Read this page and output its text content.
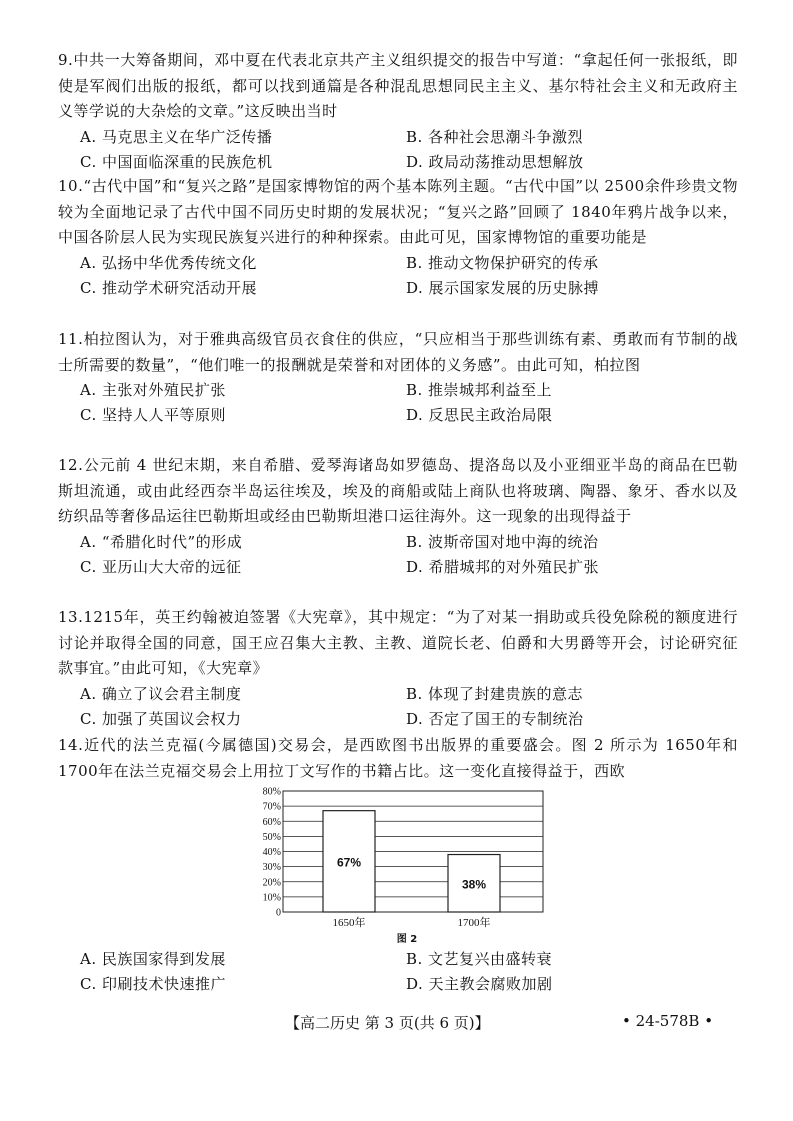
9.中共一大筹备期间，邓中夏在代表北京共产主义组织提交的报告中写道：“拿起任何一张报纸，即使是军阀们出版的报纸，都可以找到通篇是各种混乱思想同民主主义、基尔特社会主义和无政府主义等学说的大杂烩的文章。”这反映出当时

A. 马克思主义在华广泛传播	B. 各种社会思潮斗争激烈
C. 中国面临深重的民族危机	D. 政局动荡推动思想解放

10.“古代中国”和“复兴之路”是国家博物馆的两个基本陈列主题。“古代中国”以 2500余件珍贵文物较为全面地记录了古代中国不同历史时期的发展状况；“复兴之路”回顾了 1840年鸦片战争以来，中国各阶层人民为实现民族复兴进行的种种探索。由此可见，国家博物馆的重要功能是

A. 弘扬中华优秀传统文化	B. 推动文物保护研究的传承
C. 推动学术研究活动开展	D. 展示国家发展的历史脉搏

11.柏拉图认为，对于雅典高级官员衣食住的供应，“只应相当于那些训练有素、勇敢而有节制的战士所需要的数量”，“他们唯一的报酬就是荣誉和对团体的义务感”。由此可知，柏拉图

A. 主张对外殖民扩张	B. 推崇城邦利益至上
C. 坚持人人平等原则	D. 反思民主政治局限

12.公元前 4 世纪末期，来自希腊、爱琴海诸岛如罗德岛、提洛岛以及小亚细亚半岛的商品在巴勒斯坦流通，或由此经西奈半岛运往埃及，埃及的商船或陆上商队也将玻璃、陶器、象牙、香水以及纺织品等奢侈品运往巴勒斯坦或经由巴勒斯坦港口运往海外。这一现象的出现得益于

A. “希腊化时代”的形成	B. 波斯帝国对地中海的统治
C. 亚历山大大帝的远征	D. 希腊城邦的对外殖民扩张

13.1215年，英王约翰被迫签署《大宪章》，其中规定：“为了对某一捐助或兵役免除税的额度进行讨论并取得全国的同意，国王应召集大主教、主教、道院长老、伯爵和大男爵等开会，讨论研究征款事宜。”由此可知，《大宪章》

A. 确立了议会君主制度	B. 体现了封建贵族的意志
C. 加强了英国议会权力	D. 否定了国王的专制统治

14.近代的法兰克福(今属德国)交易会，是西欧图书出版界的重要盛会。图 2 所示为 1650年和 1700年在法兰克福交易会上用拉丁文写作的书籍占比。这一变化直接得益于，西欧

0
10%
20%
30%
40%
50%
60%
70%
80%
67%
1650年
38%
1700年
图 2
A. 民族国家得到发展	B. 文艺复兴由盛转衰
C. 印刷技术快速推广	D. 天主教会腐败加剧
【高二历史 第 3 页(共 6 页)】	• 24-578B •
